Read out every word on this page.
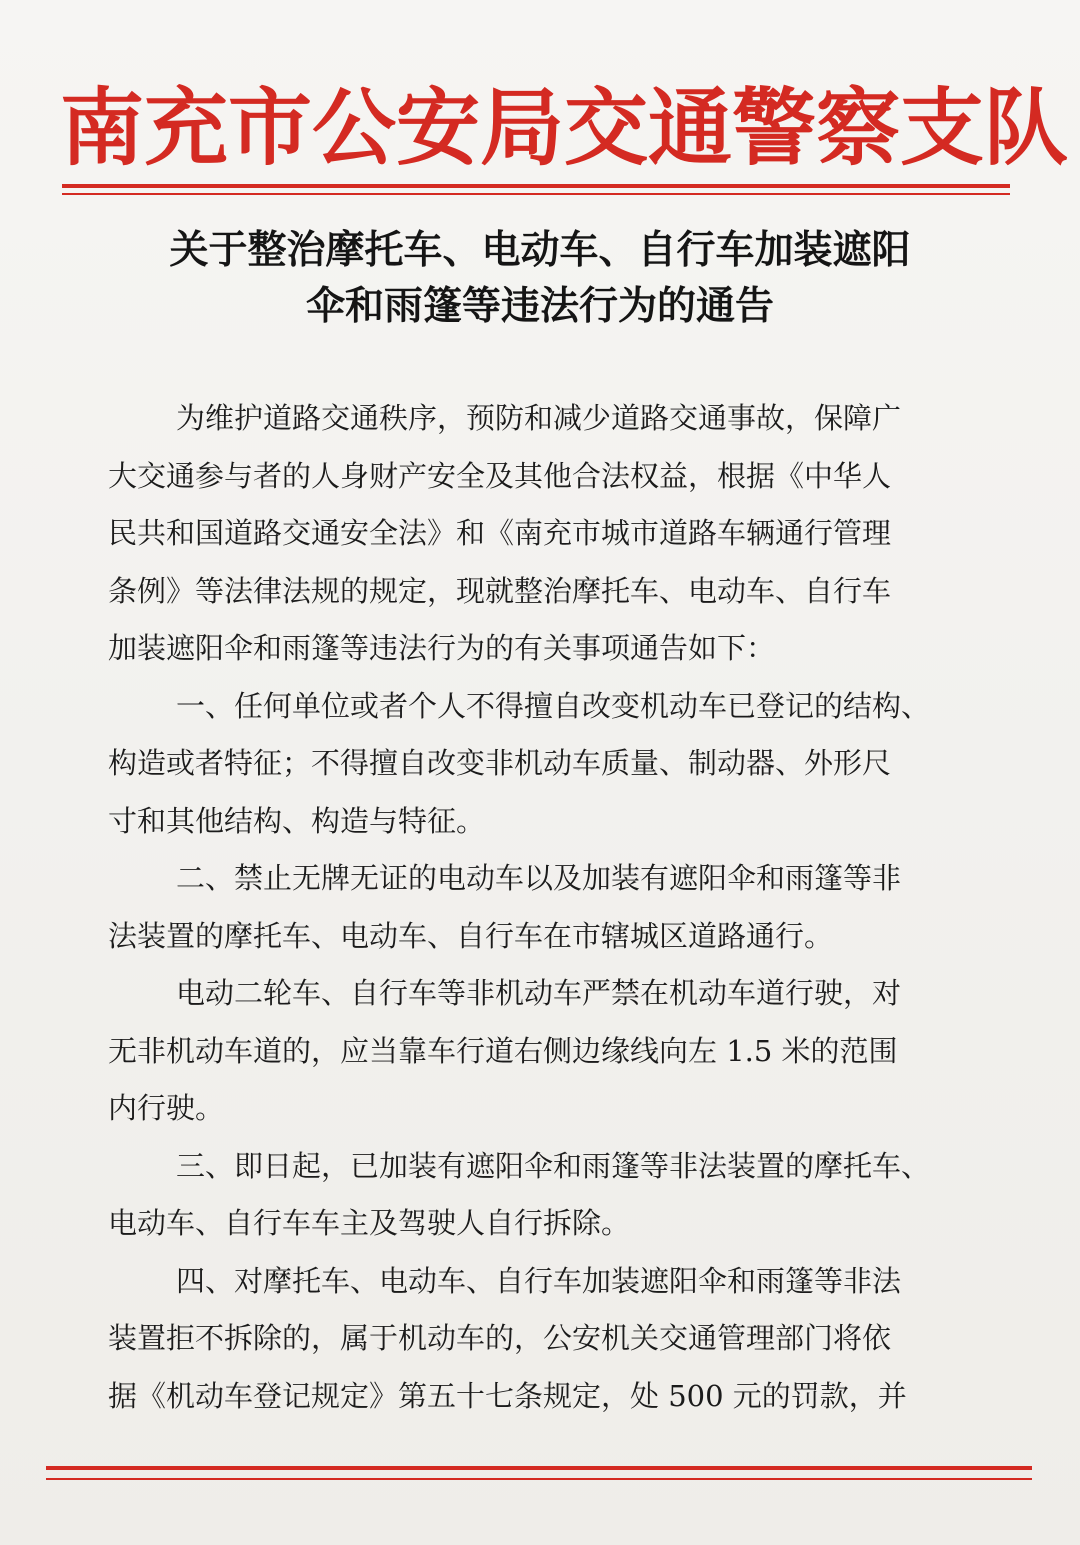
南充市公安局交通警察支队
关于整治摩托车、电动车、自行车加装遮阳
伞和雨篷等违法行为的通告
为维护道路交通秩序，预防和减少道路交通事故，保障广
大交通参与者的人身财产安全及其他合法权益，根据《中华人
民共和国道路交通安全法》和《南充市城市道路车辆通行管理
条例》等法律法规的规定，现就整治摩托车、电动车、自行车
加装遮阳伞和雨篷等违法行为的有关事项通告如下：
一、任何单位或者个人不得擅自改变机动车已登记的结构、
构造或者特征；不得擅自改变非机动车质量、制动器、外形尺
寸和其他结构、构造与特征。
二、禁止无牌无证的电动车以及加装有遮阳伞和雨篷等非
法装置的摩托车、电动车、自行车在市辖城区道路通行。
电动二轮车、自行车等非机动车严禁在机动车道行驶，对
无非机动车道的，应当靠车行道右侧边缘线向左 1.5 米的范围
内行驶。
三、即日起，已加装有遮阳伞和雨篷等非法装置的摩托车、
电动车、自行车车主及驾驶人自行拆除。
四、对摩托车、电动车、自行车加装遮阳伞和雨篷等非法
装置拒不拆除的，属于机动车的，公安机关交通管理部门将依
据《机动车登记规定》第五十七条规定，处 500 元的罚款，并
